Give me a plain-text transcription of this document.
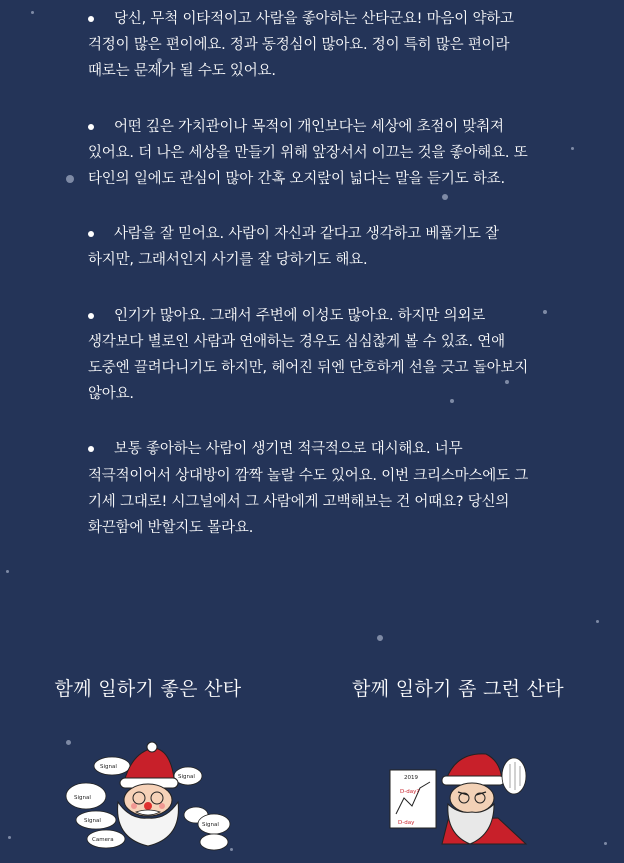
당신, 무척 이타적이고 사람을 좋아하는 산타군요! 마음이 약하고 걱정이 많은 편이에요. 정과 동정심이 많아요. 정이 특히 많은 편이라 때로는 문제가 될 수도 있어요.
어떤 깊은 가치관이나 목적이 개인보다는 세상에 초점이 맞춰져 있어요. 더 나은 세상을 만들기 위해 앞장서서 이끄는 것을 좋아해요. 또 타인의 일에도 관심이 많아 간혹 오지랖이 넓다는 말을 듣기도 하죠.
사람을 잘 믿어요. 사람이 자신과 같다고 생각하고 베풀기도 잘 하지만, 그래서인지 사기를 잘 당하기도 해요.
인기가 많아요. 그래서 주변에 이성도 많아요. 하지만 의외로 생각보다 별로인 사람과 연애하는 경우도 심심찮게 볼 수 있죠. 연애 도중엔 끌려다니기도 하지만, 헤어진 뒤엔 단호하게 선을 긋고 돌아보지 않아요.
보통 좋아하는 사람이 생기면 적극적으로 대시해요. 너무 적극적이어서 상대방이 깜짝 놀랄 수도 있어요. 이번 크리스마스에도 그 기세 그대로! 시그널에서 그 사람에게 고백해보는 건 어때요? 당신의 화끈함에 반할지도 몰라요.
함께 일하기 좋은 산타	함께 일하기 좀 그런 산타
Signal
Signal
Signal
Camera
Signal
Signal
2019
D-day?
D-day
